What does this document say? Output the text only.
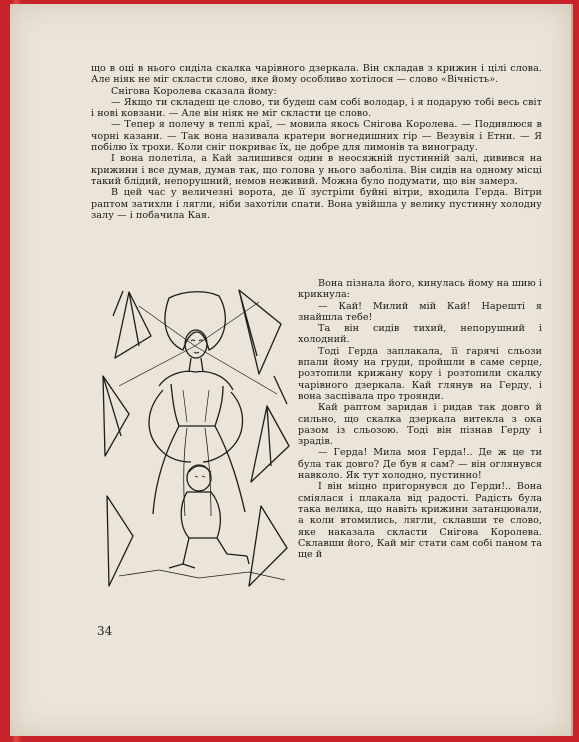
що в оці в нього сиділа скалка чарівного дзеркала. Він складав з крижин і цілі слова. Але ніяк не міг скласти слово, яке йому особливо хотілося — слово «Вічність».

Снігова Королева сказала йому:

— Якщо ти складеш це слово, ти будеш сам собі володар, і я подарую тобі весь світ і нові ковзани. — Але він ніяк не міг скласти це слово.

— Тепер я полечу в теплі краї, — мовила якось Снігова Королева. — Подивлюся в чорні казани. — Так вона називала кратери вогнедишних гір — Везувія і Етни. — Я побілю їх трохи. Коли сніг покриває їх, це добре для лимонів та винограду.

І вона полетіла, а Кай залишився один в неосяжній пустинній залі, дивився на крижини і все думав, думав так, що голова у нього заболіла. Він сидів на одному місці такий блідий, непорушний, немов неживий. Можна було подумати, що він замерз.

В цей час у величезні ворота, де її зустріли буйні вітри, входила Герда. Вітри раптом затихли і лягли, ніби захотіли спати. Вона увійшла у велику пустинну холодну залу — і побачила Кая.

Вона пізнала його, кинулась йому на шию і крикнула:

— Кай! Милий мій Кай! Нарешті я знайшла тебе!

Та він сидів тихий, непорушний і холодний.

Тоді Герда заплакала, її гарячі сльози впали йому на груди, пройшли в саме серце, розтопили крижану кору і розтопили скалку чарівного дзеркала. Кай глянув на Герду, і вона заспівала про троянди.

Кай раптом заридав і ридав так довго й сильно, що скалка дзеркала витекла з ока разом із сльозою. Тоді він пізнав Герду і зрадів.

— Герда! Мила моя Герда!.. Де ж це ти була так довго? Де був я сам? — він оглянувся навколо. Як тут холодно, пустинно!

І він міцно пригорнувся до Герди!.. Вона сміялася і плакала від радості. Радість була така велика, що навіть крижини затанцювали, а коли втомились, лягли, склавши те слово, яке наказала скласти Снігова Королева. Склавши його, Кай міг стати сам собі паном та ще й

34
